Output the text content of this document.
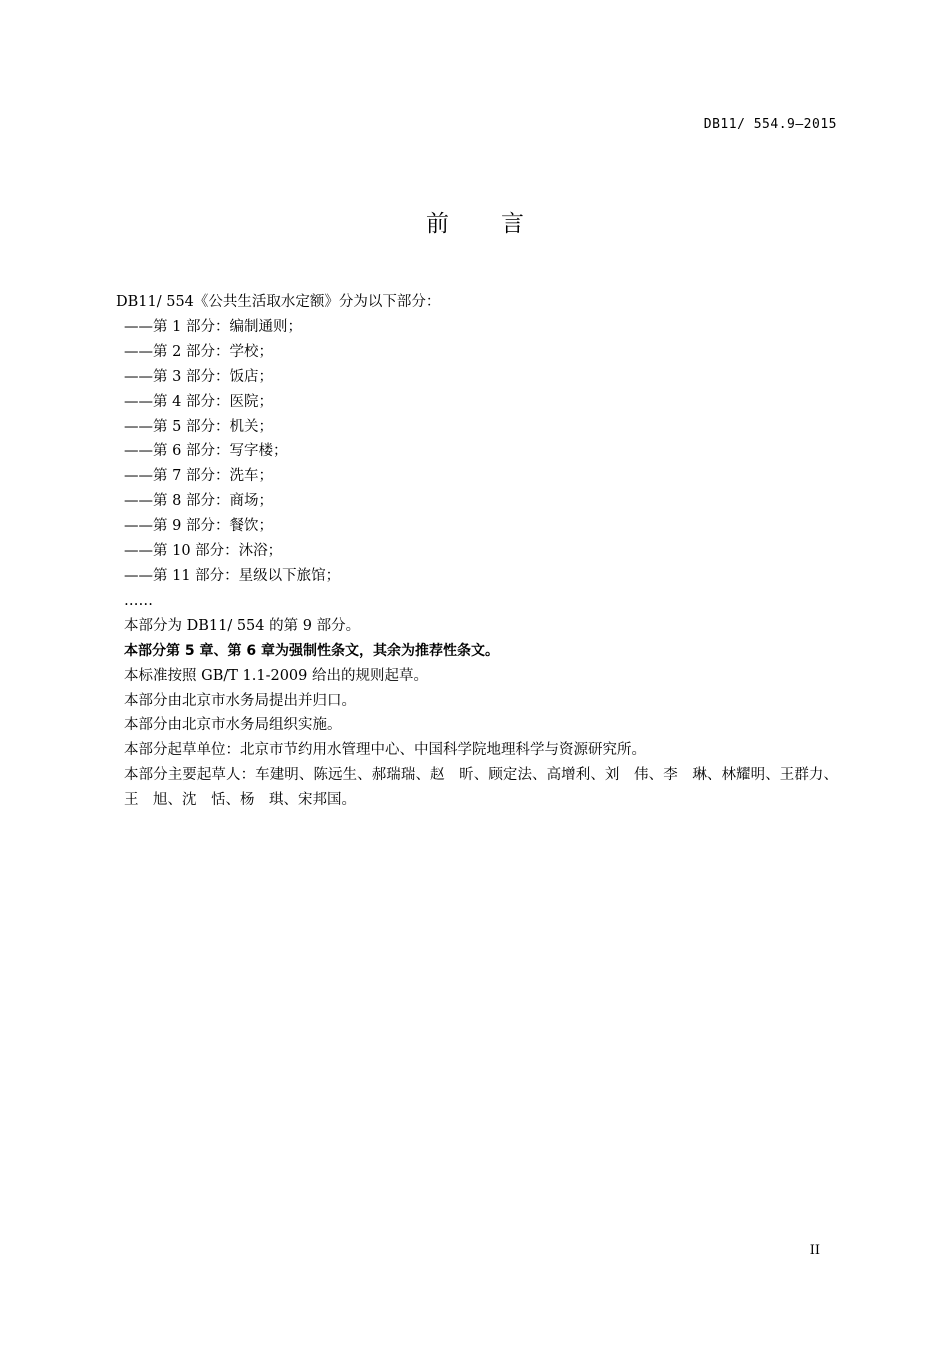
DB11/ 554.9—2015
前言
DB11/ 554《公共生活取水定额》分为以下部分：
——第 1 部分：编制通则；
——第 2 部分：学校；
——第 3 部分：饭店；
——第 4 部分：医院；
——第 5 部分：机关；
——第 6 部分：写字楼；
——第 7 部分：洗车；
——第 8 部分：商场；
——第 9 部分：餐饮；
——第 10 部分：沐浴；
——第 11 部分：星级以下旅馆；
……
本部分为 DB11/ 554 的第 9 部分。
本部分第 5 章、第 6 章为强制性条文，其余为推荐性条文。
本标准按照 GB/T 1.1-2009 给出的规则起草。
本部分由北京市水务局提出并归口。
本部分由北京市水务局组织实施。
本部分起草单位：北京市节约用水管理中心、中国科学院地理科学与资源研究所。
本部分主要起草人：车建明、陈远生、郝瑞瑞、赵　昕、顾定法、高增利、刘　伟、李　琳、林耀明、王群力、王　旭、沈　恬、杨　琪、宋邦国。
II
